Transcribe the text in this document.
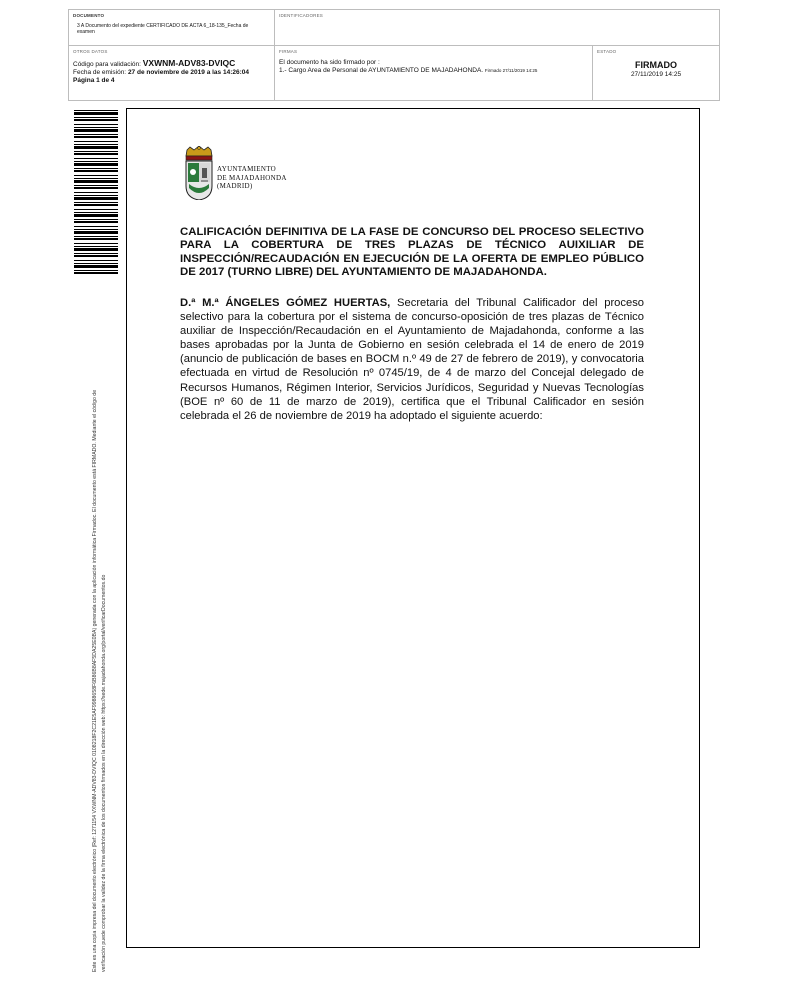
DOCUMENTO
3 A Documento del expediente CERTIFICADO DE ACTA 6_18-135_Fecha de examen
IDENTIFICADORES
OTROS DATOS
Código para validación: VXWNM-ADV83-DVIQC
Fecha de emisión: 27 de noviembre de 2019 a las 14:26:04
Página 1 de 4
FIRMAS
El documento ha sido firmado por :
1.- Cargo Area de Personal de AYUNTAMIENTO DE MAJADAHONDA. Firmado 27/11/2019 14:25
ESTADO
FIRMADO
27/11/2019 14:25
Este es una copia impresa del documento electrónico (Ref: 1271154 VXWNM-ADV83-DVIQC 0108218F2C21E5AF9988658F6B86B8AF5DA25E0BA) generada con la aplicación informática Firmadoc. El documento está FIRMADO. Mediante el código de verificación puede comprobar la validez de la firma electrónica de los documentos firmados en la dirección web: https://sede.majadahonda.org/portal/verificarDocumentos.do
AYUNTAMIENTO
DE MAJADAHONDA
(MADRID)
CALIFICACIÓN DEFINITIVA DE LA FASE DE CONCURSO DEL PROCESO SELECTIVO PARA LA COBERTURA DE TRES PLAZAS DE TÉCNICO AUIXILIAR DE INSPECCIÓN/RECAUDACIÓN EN EJECUCIÓN DE LA OFERTA DE EMPLEO PÚBLICO DE 2017 (TURNO LIBRE) DEL AYUNTAMIENTO DE MAJADAHONDA.
D.ª M.ª ÁNGELES GÓMEZ HUERTAS, Secretaria del Tribunal Calificador del proceso selectivo para la cobertura por el sistema de concurso-oposición de tres plazas de Técnico auxiliar de Inspección/Recaudación en el Ayuntamiento de Majadahonda, conforme a las bases aprobadas por la Junta de Gobierno en sesión celebrada el 14 de enero de 2019 (anuncio de publicación de bases en BOCM n.º 49 de 27 de febrero de 2019), y convocatoria efectuada en virtud de Resolución nº 0745/19, de 4 de marzo del Concejal delegado de Recursos Humanos, Régimen Interior, Servicios Jurídicos, Seguridad y Nuevas Tecnologías (BOE nº 60 de 11 de marzo de 2019), certifica que el Tribunal Calificador en sesión celebrada el 26 de noviembre de 2019 ha adoptado el siguiente acuerdo:
